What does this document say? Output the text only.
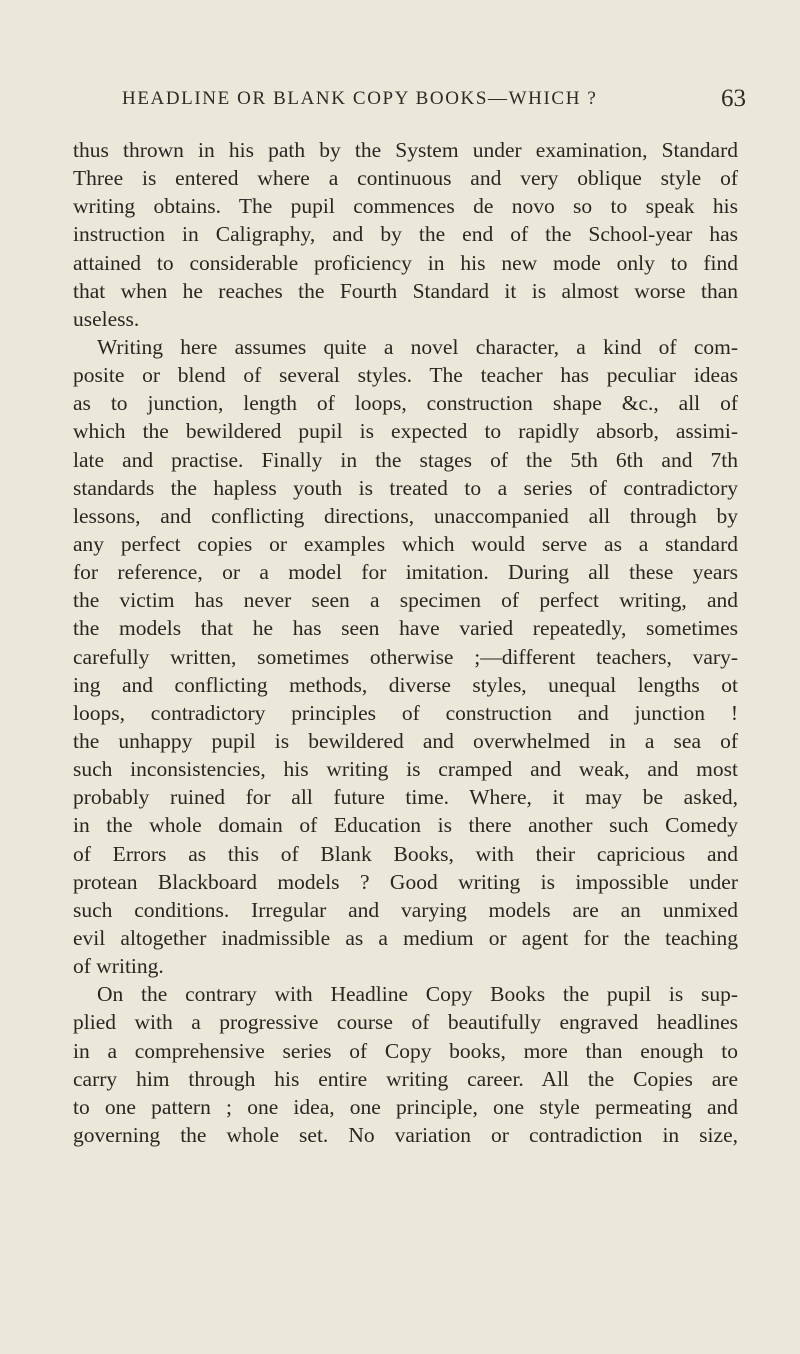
HEADLINE OR BLANK COPY BOOKS—WHICH ?	63
thus thrown in his path by the System under examination, Standard
Three is entered where a continuous and very oblique style of
writing obtains. The pupil commences de novo so to speak his
instruction in Caligraphy, and by the end of the School-year has
attained to considerable proficiency in his new mode only to find
that when he reaches the Fourth Standard it is almost worse than
useless.
Writing here assumes quite a novel character, a kind of com-
posite or blend of several styles. The teacher has peculiar ideas
as to junction, length of loops, construction shape &c., all of
which the bewildered pupil is expected to rapidly absorb, assimi-
late and practise. Finally in the stages of the 5th 6th and 7th
standards the hapless youth is treated to a series of contradictory
lessons, and conflicting directions, unaccompanied all through by
any perfect copies or examples which would serve as a standard
for reference, or a model for imitation. During all these years
the victim has never seen a specimen of perfect writing, and
the models that he has seen have varied repeatedly, sometimes
carefully written, sometimes otherwise ;—different teachers, vary-
ing and conflicting methods, diverse styles, unequal lengths ot
loops, contradictory principles of construction and junction !
the unhappy pupil is bewildered and overwhelmed in a sea of
such inconsistencies, his writing is cramped and weak, and most
probably ruined for all future time. Where, it may be asked,
in the whole domain of Education is there another such Comedy
of Errors as this of Blank Books, with their capricious and
protean Blackboard models ? Good writing is impossible under
such conditions. Irregular and varying models are an unmixed
evil altogether inadmissible as a medium or agent for the teaching
of writing.
On the contrary with Headline Copy Books the pupil is sup-
plied with a progressive course of beautifully engraved headlines
in a comprehensive series of Copy books, more than enough to
carry him through his entire writing career. All the Copies are
to one pattern ; one idea, one principle, one style permeating and
governing the whole set. No variation or contradiction in size,
